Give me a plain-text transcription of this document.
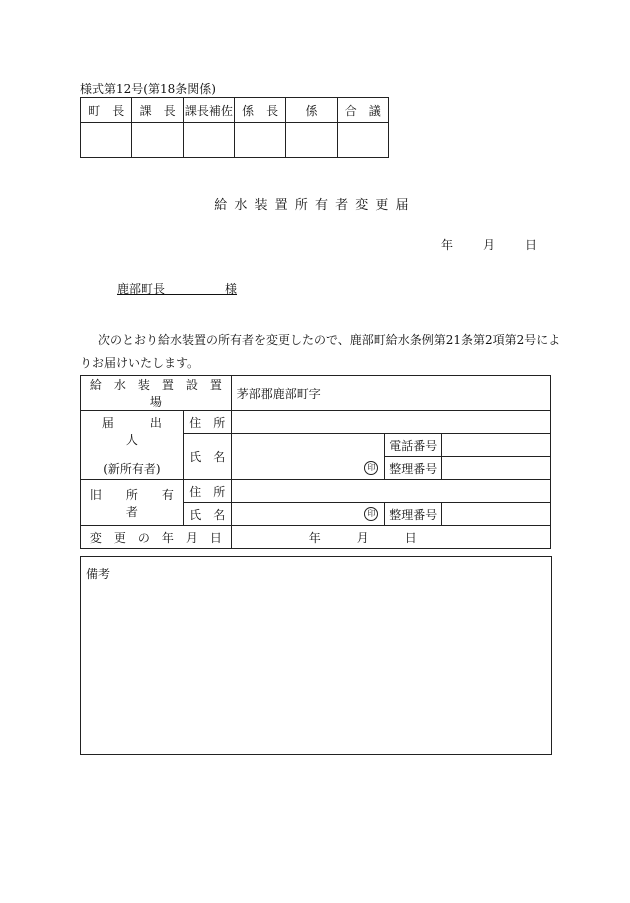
様式第12号(第18条関係)
町　長	課　長	課長補佐	係　長	係	合　議

給水装置所有者変更届
年	月	日
鹿部町長　　　　　様
次のとおり給水装置の所有者を変更したので、鹿部町給水条例第21条第2項第2号によ
りお届けいたします。
給　水　装　置　設　置　場		茅部郡鹿部町字		

届　　　出　　　人
(新所有者)	住　所			
	氏　名	印	電話番号	
			整理番号	
旧　　所　　有　　者	住　所			
	氏　名	印	整理番号	
変　更　の　年　月　日		年　　　月　　　日		
備考
